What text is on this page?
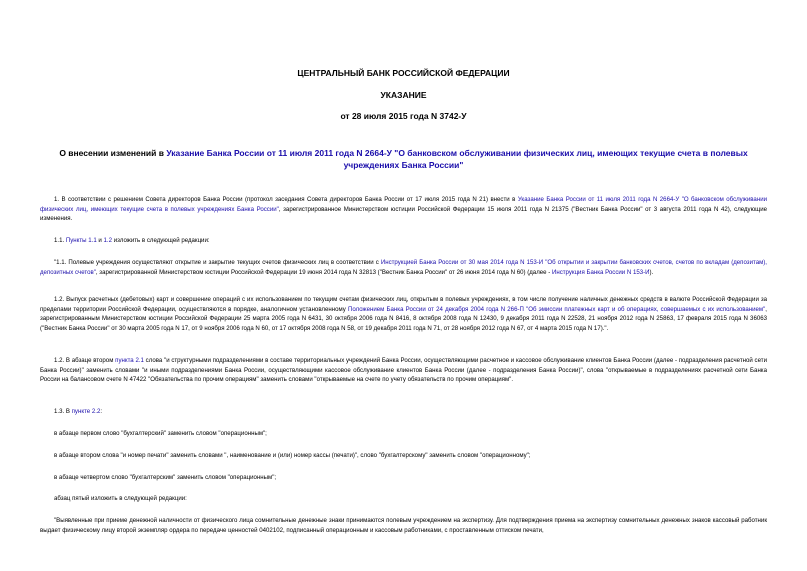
ЦЕНТРАЛЬНЫЙ БАНК РОССИЙСКОЙ ФЕДЕРАЦИИ
УКАЗАНИЕ
от 28 июля 2015 года N 3742-У
О внесении изменений в Указание Банка России от 11 июля 2011 года N 2664-У "О банковском обслуживании физических лиц, имеющих текущие счета в полевых учреждениях Банка России"
1. В соответствии с решением Совета директоров Банка России (протокол заседания Совета директоров Банка России от 17 июля 2015 года N 21) внести в Указание Банка России от 11 июля 2011 года N 2664-У "О банковском обслуживании физических лиц, имеющих текущие счета в полевых учреждениях Банка России", зарегистрированное Министерством юстиции Российской Федерации 15 июля 2011 года N 21375 ("Вестник Банка России" от 3 августа 2011 года N 42), следующие изменения.
1.1. Пункты 1.1 и 1.2 изложить в следующей редакции:
"1.1. Полевые учреждения осуществляют открытие и закрытие текущих счетов физических лиц в соответствии с Инструкцией Банка России от 30 мая 2014 года N 153-И "Об открытии и закрытии банковских счетов, счетов по вкладам (депозитам), депозитных счетов", зарегистрированной Министерством юстиции Российской Федерации 19 июня 2014 года N 32813 ("Вестник Банка России" от 26 июня 2014 года N 60) (далее - Инструкция Банка России N 153-И).
1.2. Выпуск расчетных (дебетовых) карт и совершение операций с их использованием по текущим счетам физических лиц, открытым в полевых учреждениях, в том числе получение наличных денежных средств в валюте Российской Федерации за пределами территории Российской Федерации, осуществляются в порядке, аналогичном установленному Положением Банка России от 24 декабря 2004 года N 266-П "Об эмиссии платежных карт и об операциях, совершаемых с их использованием", зарегистрированным Министерством юстиции Российской Федерации 25 марта 2005 года N 6431, 30 октября 2006 года N 8416, 8 октября 2008 года N 12430, 9 декабря 2011 года N 22528, 21 ноября 2012 года N 25863, 17 февраля 2015 года N 36063 ("Вестник Банка России" от 30 марта 2005 года N 17, от 9 ноября 2006 года N 60, от 17 октября 2008 года N 58, от 19 декабря 2011 года N 71, от 28 ноября 2012 года N 67, от 4 марта 2015 года N 17).".
1.2. В абзаце втором пункта 2.1 слова "и структурными подразделениями в составе территориальных учреждений Банка России, осуществляющими расчетное и кассовое обслуживание клиентов Банка России (далее - подразделения расчетной сети Банка России)" заменить словами "и иными подразделениями Банка России, осуществляющими кассовое обслуживание клиентов Банка России (далее - подразделения Банка России)", слова "открываемые в подразделениях расчетной сети Банка России на балансовом счете N 47422 "Обязательства по прочим операциям" заменить словами "открываемые на счете по учету обязательств по прочим операциям".
1.3. В пункте 2.2:
в абзаце первом слово "бухгалтерский" заменить словом "операционным";
в абзаце втором слова "и номер печати" заменить словами ", наименование и (или) номер кассы (печати)", слово "бухгалтерскому" заменить словом "операционному";
в абзаце четвертом слово "бухгалтерским" заменить словом "операционным";
абзац пятый изложить в следующей редакции:
"Выявленные при приеме денежной наличности от физического лица сомнительные денежные знаки принимаются полевым учреждением на экспертизу. Для подтверждения приема на экспертизу сомнительных денежных знаков кассовый работник выдает физическому лицу второй экземпляр ордера по передаче ценностей 0402102, подписанный операционным и кассовым работниками, с проставленным оттиском печати,
